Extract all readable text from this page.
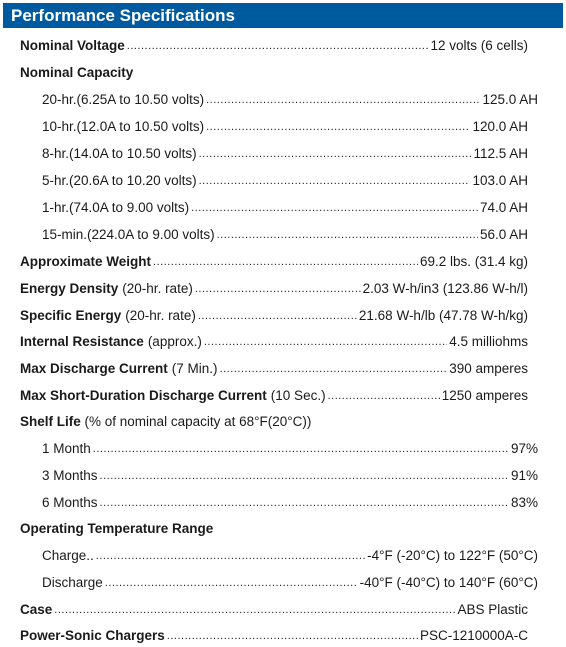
Performance Specifications
Nominal Voltage .....	12 volts (6 cells)
Nominal Capacity
20-hr. (6.25A to 10.50 volts) .....	125.0 AH
10-hr. (12.0A to 10.50 volts) .....	120.0 AH
8-hr. (14.0A to 10.50 volts) .....	112.5 AH
5-hr. (20.6A to 10.20 volts) .....	103.0 AH
1-hr. (74.0A to 9.00 volts) .....	74.0 AH
15-min. (224.0A to 9.00 volts) .....	56.0 AH
Approximate Weight .....	69.2 lbs. (31.4 kg)
Energy Density (20-hr. rate) .....	2.03 W-h/in3 (123.86 W-h/l)
Specific Energy (20-hr. rate) .....	21.68 W-h/lb (47.78 W-h/kg)
Internal Resistance (approx.) .....	4.5 milliohms
Max Discharge Current (7 Min.) .....	390 amperes
Max Short-Duration Discharge Current (10 Sec.) .....	1250 amperes
Shelf Life (% of nominal capacity at 68°F(20°C))
1 Month .....	97%
3 Months .....	91%
6 Months .....	83%
Operating Temperature Range
Charge.. .....	-4°F (-20°C) to 122°F (50°C)
Discharge .....	-40°F (-40°C) to 140°F (60°C)
Case .....	ABS Plastic
Power-Sonic Chargers .....	PSC-1210000A-C
